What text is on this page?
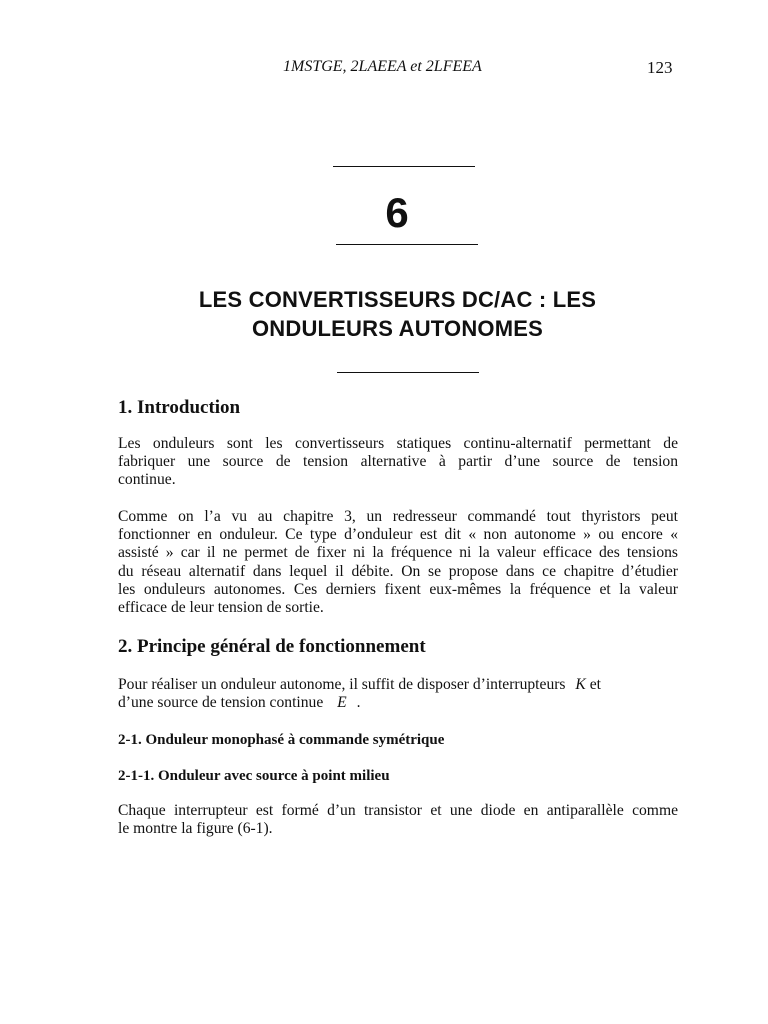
1MSTGE, 2LAEEA et 2LFEEA	123
6
LES CONVERTISSEURS DC/AC : LES
ONDULEURS AUTONOMES
1. Introduction
Les onduleurs sont les convertisseurs statiques continu-alternatif permettant de
fabriquer une source de tension alternative à partir d’une source de tension
continue.
Comme on l’a vu au chapitre 3, un redresseur commandé tout thyristors peut
fonctionner en onduleur. Ce type d’onduleur est dit « non autonome » ou encore «
assisté » car il ne permet de fixer ni la fréquence ni la valeur efficace des tensions
du réseau alternatif dans lequel il débite. On se propose dans ce chapitre d’étudier
les onduleurs autonomes. Ces derniers fixent eux-mêmes la fréquence et la valeur
efficace de leur tension de sortie.
2. Principe général de fonctionnement
Pour réaliser un onduleur autonome, il suffit de disposer d’interrupteurs K et
d’une source de tension continue E .
2-1. Onduleur monophasé à commande symétrique
2-1-1. Onduleur avec source à point milieu
Chaque interrupteur est formé d’un transistor et une diode en antiparallèle comme
le montre la figure (6-1).
